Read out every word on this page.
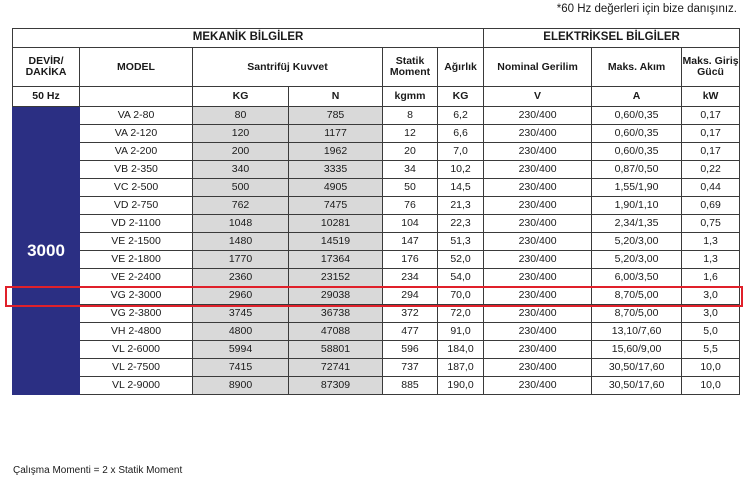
*60 Hz değerleri için bize danışınız.
MEKANİK BİLGİLER						ELEKTRİKSEL BİLGİLER		
DEVİR/ DAKİKA	MODEL	Santrifüj Kuvvet		Statik Moment	Ağırlık	Nominal Gerilim	Maks. Akım	Maks. Giriş Gücü
50 Hz		KG	N	kgmm	KG	V	A	kW
3000	VA 2-80	80	785	8	6,2	230/400	0,60/0,35	0,17
	VA 2-120	120	1177	12	6,6	230/400	0,60/0,35	0,17
	VA 2-200	200	1962	20	7,0	230/400	0,60/0,35	0,17
	VB 2-350	340	3335	34	10,2	230/400	0,87/0,50	0,22
	VC 2-500	500	4905	50	14,5	230/400	1,55/1,90	0,44
	VD 2-750	762	7475	76	21,3	230/400	1,90/1,10	0,69
	VD 2-1100	1048	10281	104	22,3	230/400	2,34/1,35	0,75
	VE 2-1500	1480	14519	147	51,3	230/400	5,20/3,00	1,3
	VE 2-1800	1770	17364	176	52,0	230/400	5,20/3,00	1,3
	VE 2-2400	2360	23152	234	54,0	230/400	6,00/3,50	1,6
	VG 2-3000	2960	29038	294	70,0	230/400	8,70/5,00	3,0
	VG 2-3800	3745	36738	372	72,0	230/400	8,70/5,00	3,0
	VH 2-4800	4800	47088	477	91,0	230/400	13,10/7,60	5,0
	VL 2-6000	5994	58801	596	184,0	230/400	15,60/9,00	5,5
	VL 2-7500	7415	72741	737	187,0	230/400	30,50/17,60	10,0
	VL 2-9000	8900	87309	885	190,0	230/400	30,50/17,60	10,0
Çalışma Momenti = 2 x Statik Moment
